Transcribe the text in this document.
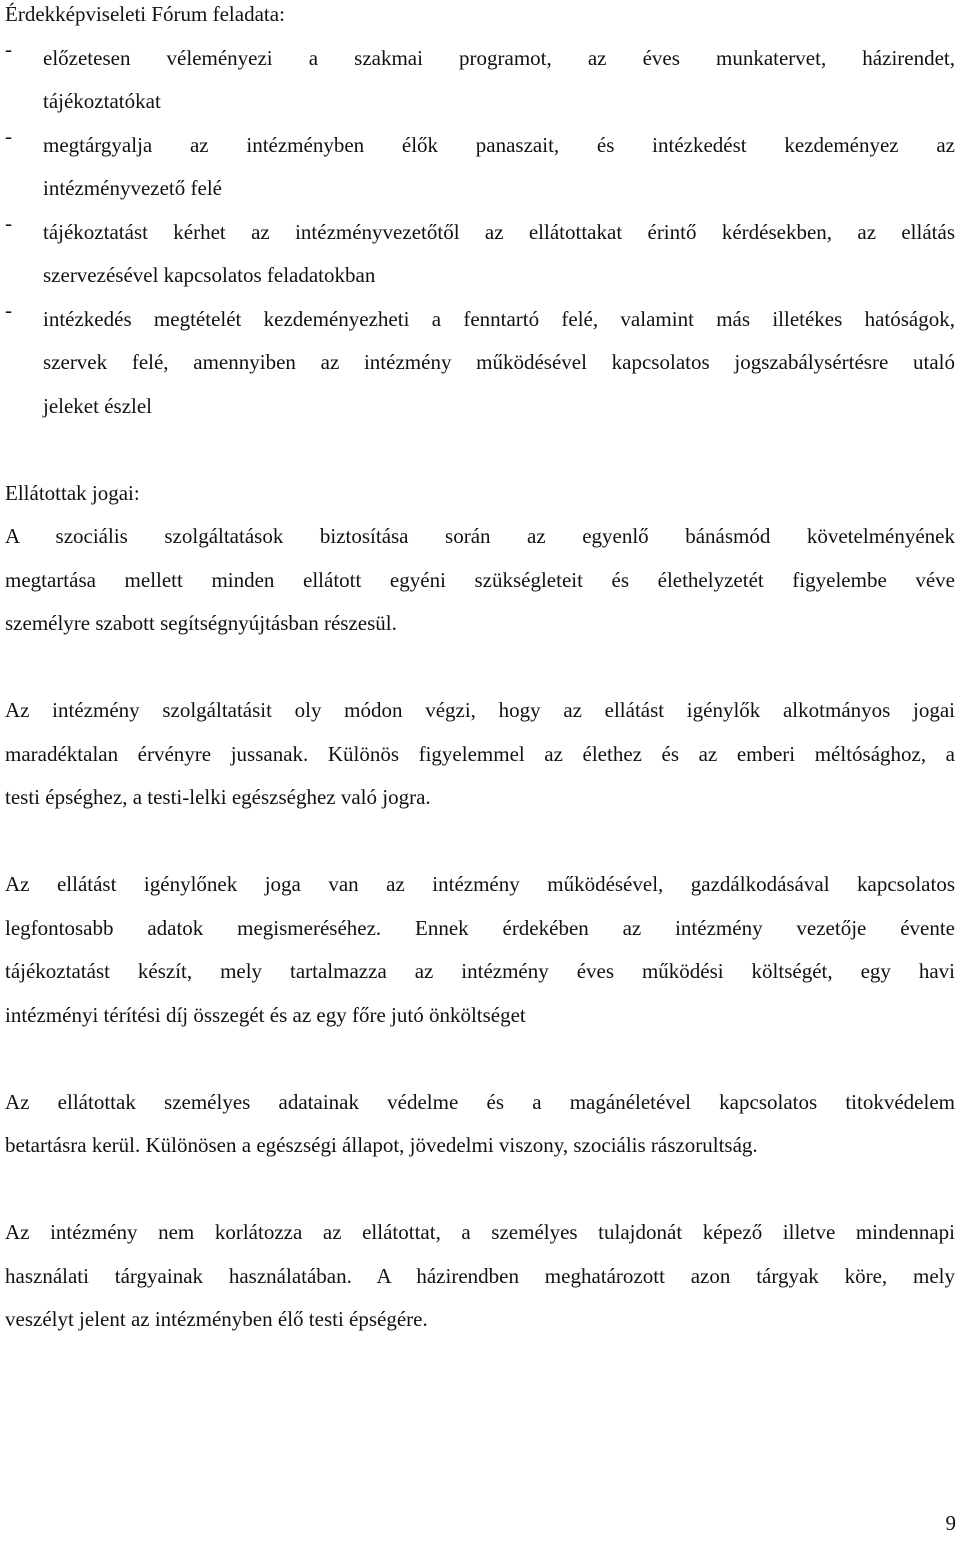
Érdekképviseleti Fórum feladata:

- előzetesen véleményezi a szakmai programot, az éves munkatervet, házirendet,

tájékoztatókat

- megtárgyalja az intézményben élők panaszait, és intézkedést kezdeményez az

intézményvezető felé

- tájékoztatást kérhet az intézményvezetőtől az ellátottakat érintő kérdésekben, az ellátás

szervezésével kapcsolatos feladatokban

- intézkedés megtételét kezdeményezheti a fenntartó felé, valamint más illetékes hatóságok,

szervek felé, amennyiben az intézmény működésével kapcsolatos jogszabálysértésre utaló

jeleket észlel

Ellátottak jogai:

A szociális szolgáltatások biztosítása során az egyenlő bánásmód követelményének

megtartása mellett minden ellátott egyéni szükségleteit és élethelyzetét figyelembe véve

személyre szabott segítségnyújtásban részesül.

Az intézmény szolgáltatásit oly módon végzi, hogy az ellátást igénylők alkotmányos jogai

maradéktalan érvényre jussanak. Különös figyelemmel az élethez és az emberi méltósághoz, a

testi épséghez, a testi-lelki egészséghez való jogra.

Az ellátást igénylőnek joga van az intézmény működésével, gazdálkodásával kapcsolatos

legfontosabb adatok megismeréséhez. Ennek érdekében az intézmény vezetője évente

tájékoztatást készít, mely tartalmazza az intézmény éves működési költségét, egy havi

intézményi térítési díj összegét és az egy főre jutó önköltséget

Az ellátottak személyes adatainak védelme és a magánéletével kapcsolatos titokvédelem

betartásra kerül. Különösen a egészségi állapot, jövedelmi viszony, szociális rászorultság.

Az intézmény nem korlátozza az ellátottat, a személyes tulajdonát képező illetve mindennapi

használati tárgyainak használatában. A házirendben meghatározott azon tárgyak köre, mely

veszélyt jelent az intézményben élő testi épségére.

9
